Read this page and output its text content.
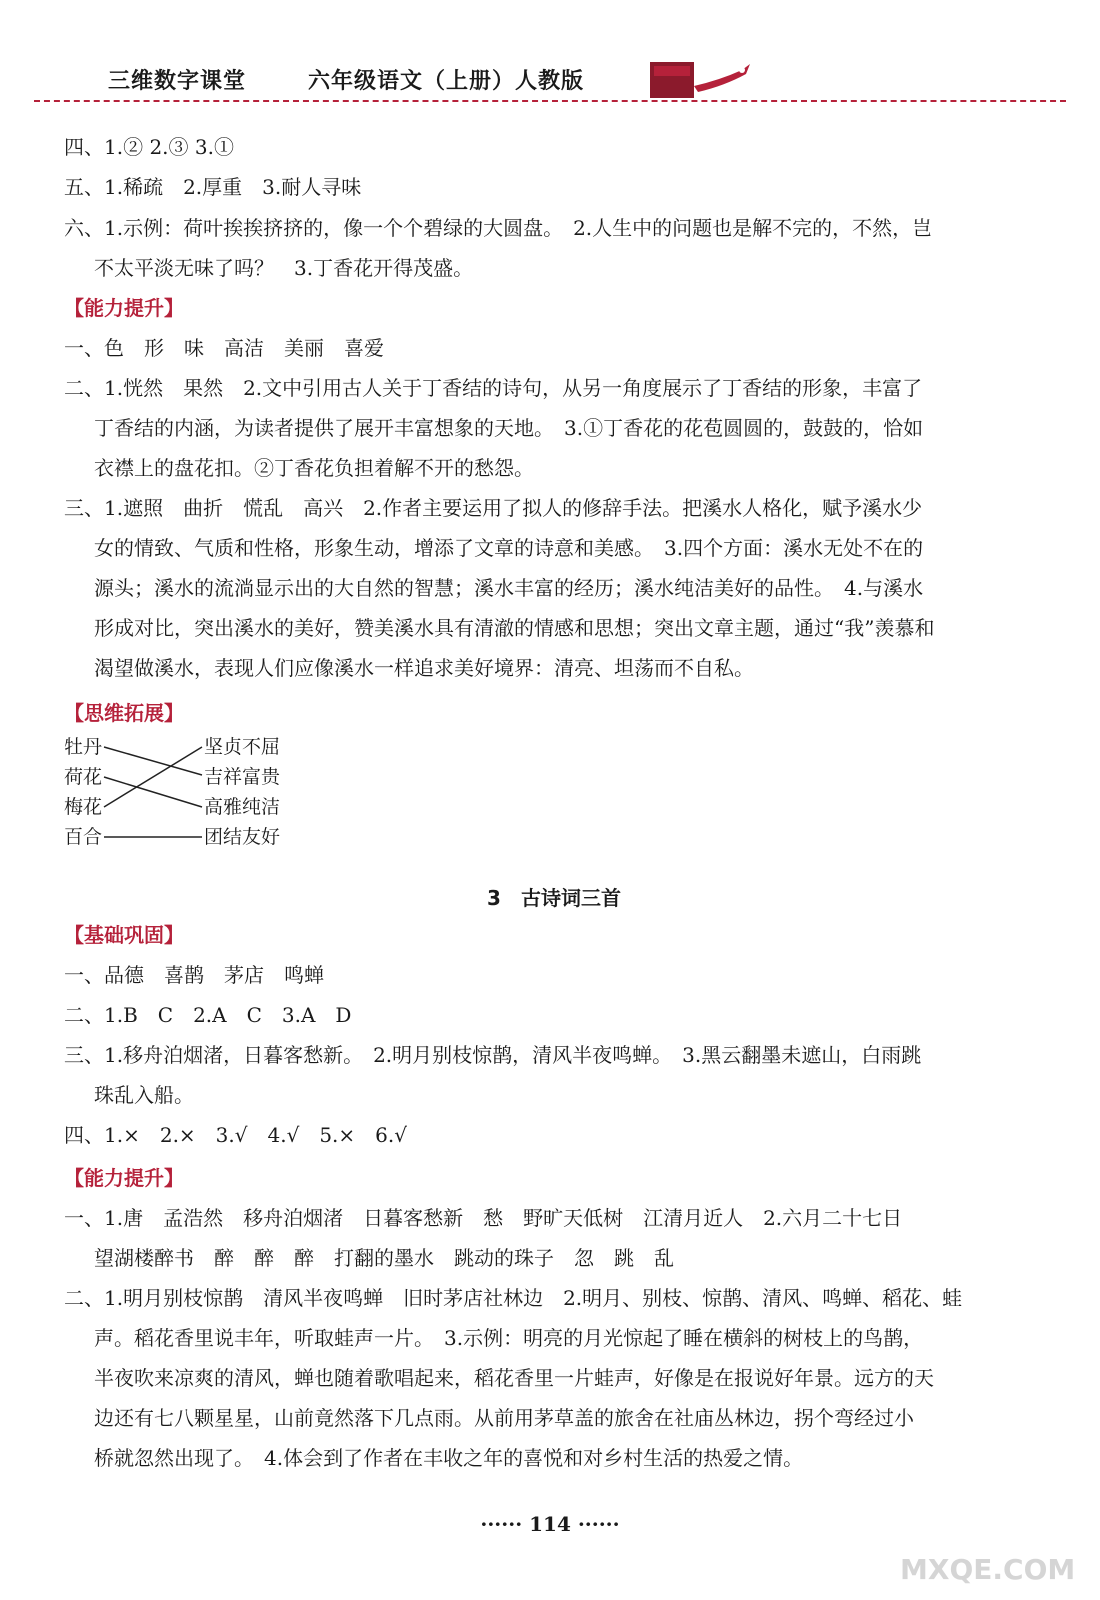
三维数字课堂	六年级语文（上册）人教版
四、1.② 2.③ 3.①
五、1.稀疏　2.厚重　3.耐人寻味
六、1.示例：荷叶挨挨挤挤的，像一个个碧绿的大圆盘。　2.人生中的问题也是解不完的，不然，岂
不太平淡无味了吗？　3.丁香花开得茂盛。
【能力提升】
一、色　形　味　高洁　美丽　喜爱
二、1.恍然　果然　2.文中引用古人关于丁香结的诗句，从另一角度展示了丁香结的形象，丰富了
丁香结的内涵，为读者提供了展开丰富想象的天地。　3.①丁香花的花苞圆圆的，鼓鼓的，恰如
衣襟上的盘花扣。②丁香花负担着解不开的愁怨。
三、1.遮照　曲折　慌乱　高兴　2.作者主要运用了拟人的修辞手法。把溪水人格化，赋予溪水少
女的情致、气质和性格，形象生动，增添了文章的诗意和美感。　3.四个方面：溪水无处不在的
源头；溪水的流淌显示出的大自然的智慧；溪水丰富的经历；溪水纯洁美好的品性。　4.与溪水
形成对比，突出溪水的美好，赞美溪水具有清澈的情感和思想；突出文章主题，通过“我”羡慕和
渴望做溪水，表现人们应像溪水一样追求美好境界：清亮、坦荡而不自私。
【思维拓展】
牡丹
荷花
梅花
百合
坚贞不屈
吉祥富贵
高雅纯洁
团结友好
3　古诗词三首
【基础巩固】
一、品德　喜鹊　茅店　鸣蝉
二、1.B　C　2.A　C　3.A　D
三、1.移舟泊烟渚，日暮客愁新。　2.明月别枝惊鹊，清风半夜鸣蝉。　3.黑云翻墨未遮山，白雨跳
珠乱入船。
四、1.×　2.×　3.√　4.√　5.×　6.√
【能力提升】
一、1.唐　孟浩然　移舟泊烟渚　日暮客愁新　愁　野旷天低树　江清月近人　2.六月二十七日
望湖楼醉书　醉　醉　醉　打翻的墨水　跳动的珠子　忽　跳　乱
二、1.明月别枝惊鹊　清风半夜鸣蝉　旧时茅店社林边　2.明月、别枝、惊鹊、清风、鸣蝉、稻花、蛙
声。稻花香里说丰年，听取蛙声一片。　3.示例：明亮的月光惊起了睡在横斜的树枝上的鸟鹊，
半夜吹来凉爽的清风，蝉也随着歌唱起来，稻花香里一片蛙声，好像是在报说好年景。远方的天
边还有七八颗星星，山前竟然落下几点雨。从前用茅草盖的旅舍在社庙丛林边，拐个弯经过小
桥就忽然出现了。　4.体会到了作者在丰收之年的喜悦和对乡村生活的热爱之情。
······ 114 ······
MXQE.COM
